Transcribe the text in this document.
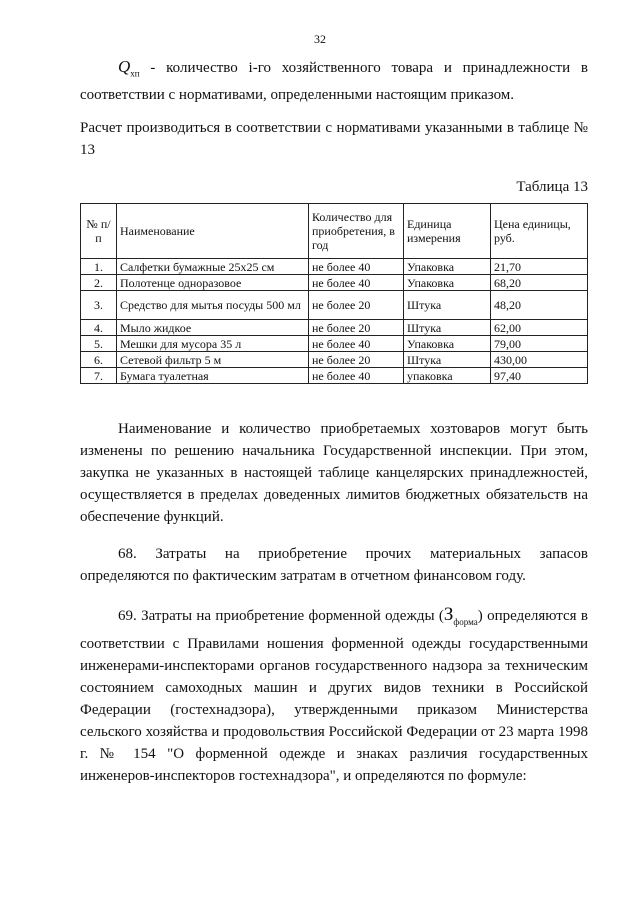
32
$Q_{хп}$ - количество i-го хозяйственного товара и принадлежности в соответствии с нормативами, определенными настоящим приказом.
Расчет производиться в соответствии с нормативами указанными в таблице № 13
Таблица 13
№ п/п	Наименование	Количество для приобретения, в год	Единица измерения	Цена единицы, руб.
1.	Салфетки бумажные 25x25 см	не более 40	Упаковка	21,70
2.	Полотенце одноразовое	не более 40	Упаковка	68,20
3.	Средство для мытья посуды 500 мл	не более 20	Штука	48,20
4.	Мыло жидкое	не более 20	Штука	62,00
5.	Мешки для мусора 35 л	не более 40	Упаковка	79,00
6.	Сетевой фильтр 5 м	не более 20	Штука	430,00
7.	Бумага туалетная	не более 40	упаковка	97,40
Наименование и количество приобретаемых хозтоваров могут быть изменены по решению начальника Государственной инспекции. При этом, закупка не указанных в настоящей таблице канцелярских принадлежностей, осуществляется в пределах доведенных лимитов бюджетных обязательств на обеспечение функций.
68. Затраты на приобретение прочих материальных запасов определяются по фактическим затратам в отчетном финансовом году.
69. Затраты на приобретение форменной одежды $(З_{форма})$ определяются в соответствии с Правилами ношения форменной одежды государственными инженерами-инспекторами органов государственного надзора за техническим состоянием самоходных машин и других видов техники в Российской Федерации (гостехнадзора), утвержденными приказом Министерства сельского хозяйства и продовольствия Российской Федерации от 23 марта 1998 г. № 154 "О форменной одежде и знаках различия государственных инженеров-инспекторов гостехнадзора", и определяются по формуле:
